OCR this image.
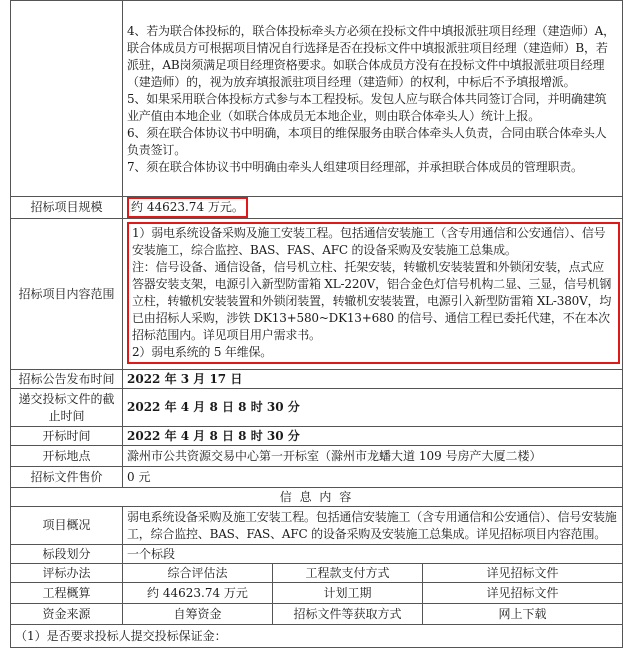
	4、若为联合体投标的，联合体投标牵头方必须在投标文件中填报派驻项目经理（建造师）A，联合体成员方可根据项目情况自行选择是否在投标文件中填报派驻项目经理（建造师）B，若派驻，AB岗须满足项目经理资格要求。如联合体成员方没有在投标文件中填报派驻项目经理（建造师）的，视为放弃填报派驻项目经理（建造师）的权利，中标后不予填报增派。

5、如果采用联合体投标方式参与本工程投标。发包人应与联合体共同签订合同，并明确建筑业产值由本地企业（如联合体成员无本地企业，则由联合体牵头人）统计上报。

6、须在联合体协议书中明确，本项目的维保服务由联合体牵头人负责，合同由联合体牵头人负责签订。

7、须在联合体协议书中明确由牵头人组建项目经理部，并承担联合体成员的管理职责。		

招标项目规模	约 44623.74 万元。		
招标项目内容范围	1）弱电系统设备采购及施工安装工程。包括通信安装施工（含专用通信和公安通信）、信号安装施工，综合监控、BAS、FAS、AFC 的设备采购及安装施工总集成。

注：信号设备、通信设备，信号机立柱、托架安装，转辙机安装装置和外锁闭安装，点式应答器安装支架，电源引入新型防雷箱 XL-220V，铝合金色灯信号机构二显、三显，信号机钢立柱，转辙机安装装置和外锁闭装置，转辙机安装装置，电源引入新型防雷箱 XL-380V，均已由招标人采购，涉铁 DK13+580~DK13+680 的信号、通信工程已委托代建，不在本次招标范围内。详见项目用户需求书。

2）弱电系统的 5 年维保。		

招标公告发布时间	2022 年 3 月 17 日		
递交投标文件的截止时间	2022 年 4 月 8 日 8 时 30 分		
开标时间	2022 年 4 月 8 日 8 时 30 分		
开标地点	滁州市公共资源交易中心第一开标室（滁州市龙蟠大道 109 号房产大厦二楼）		
招标文件售价	0 元		
信 息 内 容			
项目概况	弱电系统设备采购及施工安装工程。包括通信安装施工（含专用通信和公安通信）、信号安装施工，综合监控、BAS、FAS、AFC 的设备采购及安装施工总集成。详见招标项目内容范围。		
标段划分	一个标段		
评标办法	综合评估法	工程款支付方式	详见招标文件
工程概算	约 44623.74 万元	计划工期	详见招标文件
资金来源	自筹资金	招标文件等获取方式	网上下载
（1）是否要求投标人提交投标保证金：			
